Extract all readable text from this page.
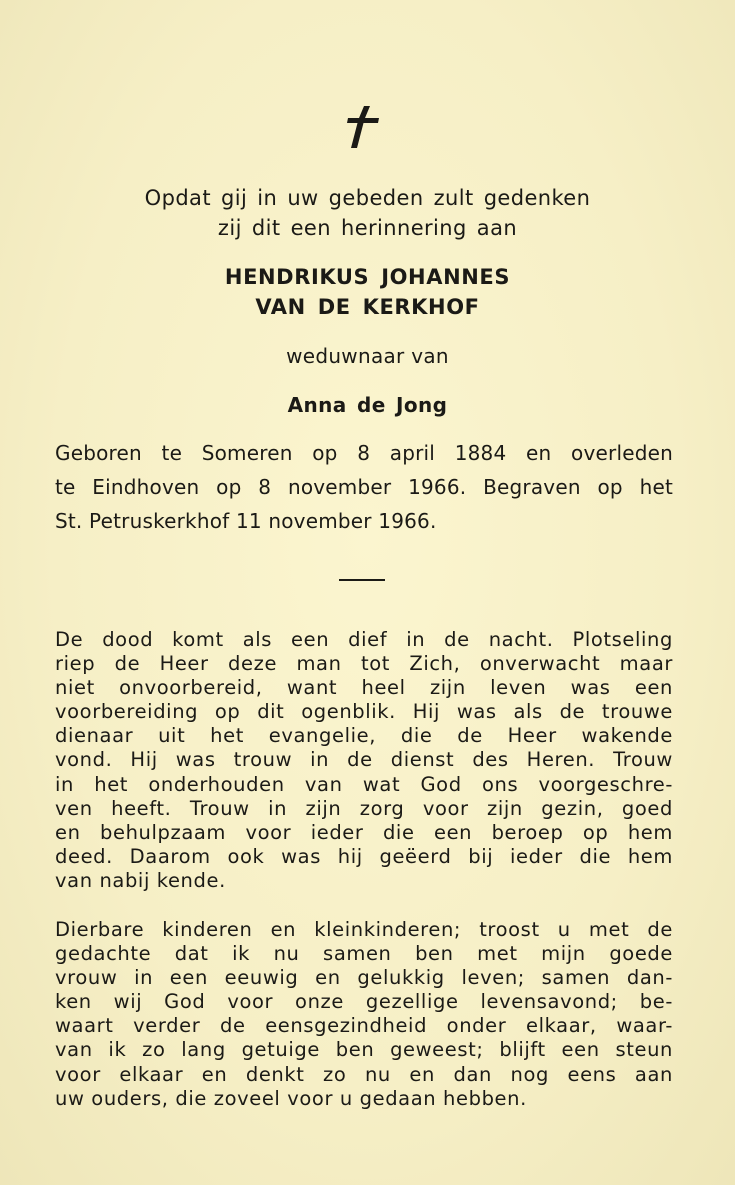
Opdat gij in uw gebeden zult gedenken
zij dit een herinnering aan
HENDRIKUS JOHANNES
VAN DE KERKHOF
weduwnaar van
Anna de Jong
Geboren te Someren op 8 april 1884 en overleden
te Eindhoven op 8 november 1966. Begraven op het
St. Petruskerkhof 11 november 1966.
De dood komt als een dief in de nacht. Plotseling
riep de Heer deze man tot Zich, onverwacht maar
niet onvoorbereid, want heel zijn leven was een
voorbereiding op dit ogenblik. Hij was als de trouwe
dienaar uit het evangelie, die de Heer wakende
vond. Hij was trouw in de dienst des Heren. Trouw
in het onderhouden van wat God ons voorgeschre-
ven heeft. Trouw in zijn zorg voor zijn gezin, goed
en behulpzaam voor ieder die een beroep op hem
deed. Daarom ook was hij geëerd bij ieder die hem
van nabij kende.
Dierbare kinderen en kleinkinderen; troost u met de
gedachte dat ik nu samen ben met mijn goede
vrouw in een eeuwig en gelukkig leven; samen dan-
ken wij God voor onze gezellige levensavond; be-
waart verder de eensgezindheid onder elkaar, waar-
van ik zo lang getuige ben geweest; blijft een steun
voor elkaar en denkt zo nu en dan nog eens aan
uw ouders, die zoveel voor u gedaan hebben.
